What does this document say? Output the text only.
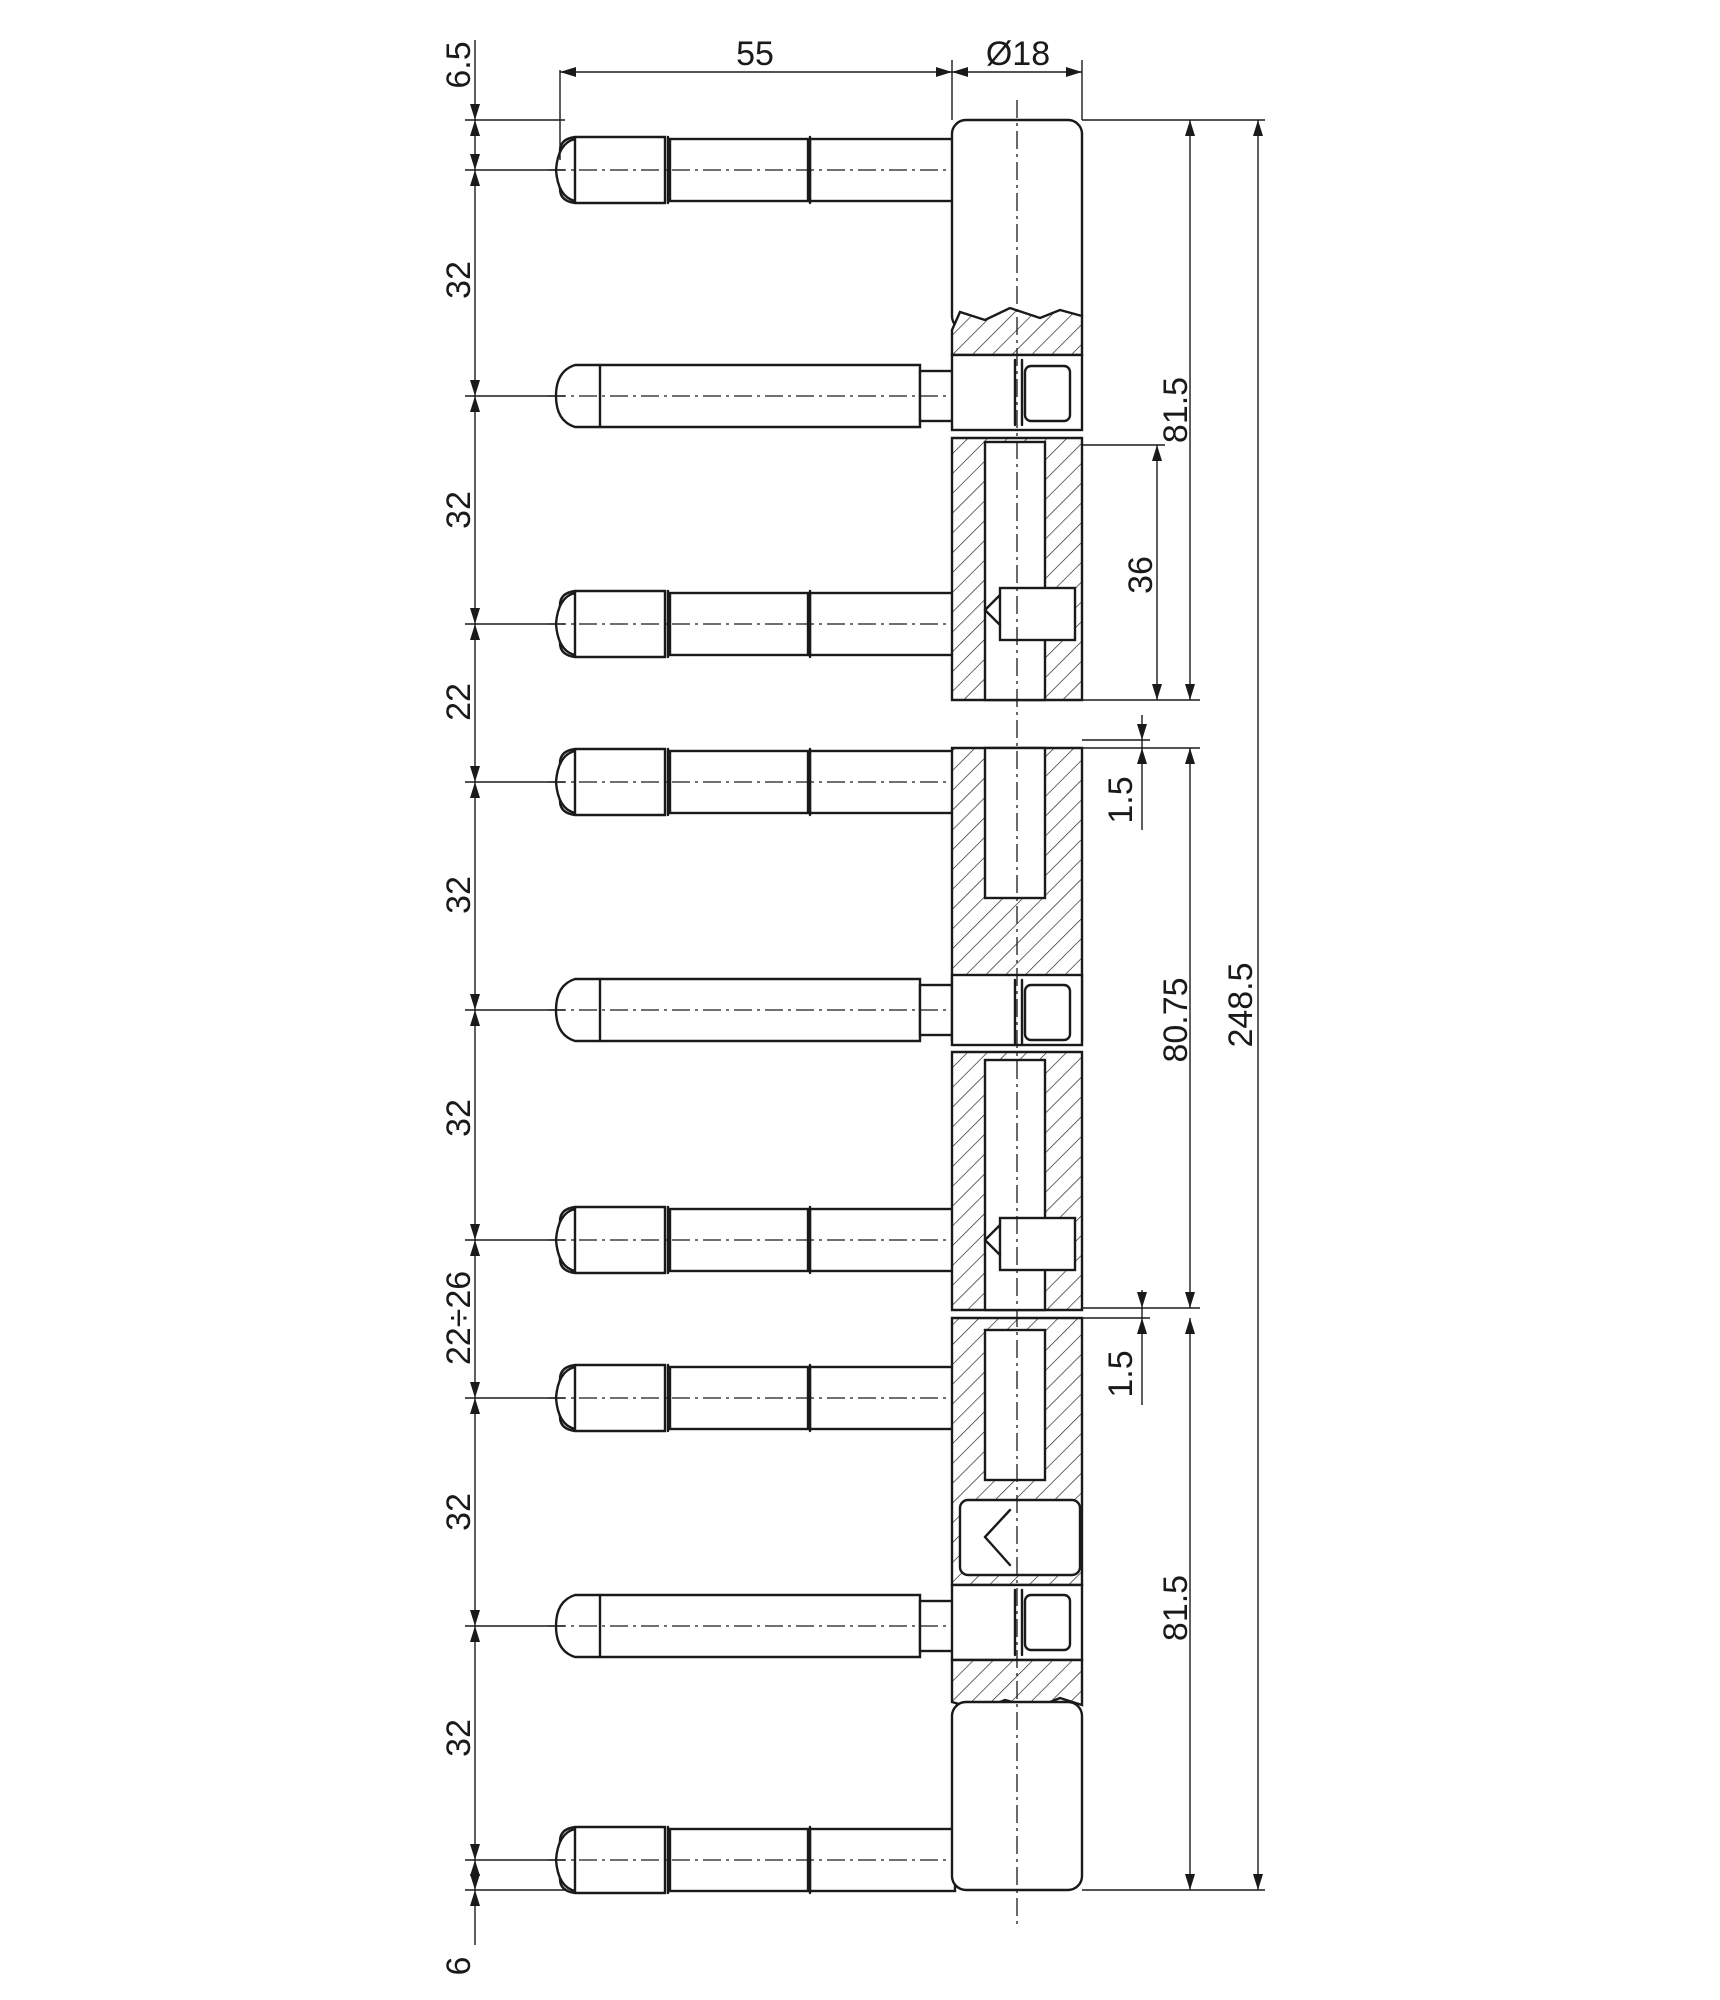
6.5	55	Ø18
32
32
22
32
32
22÷26
32
32
6
81.5
36
1.5
80.75
1.5
81.5
248.5
